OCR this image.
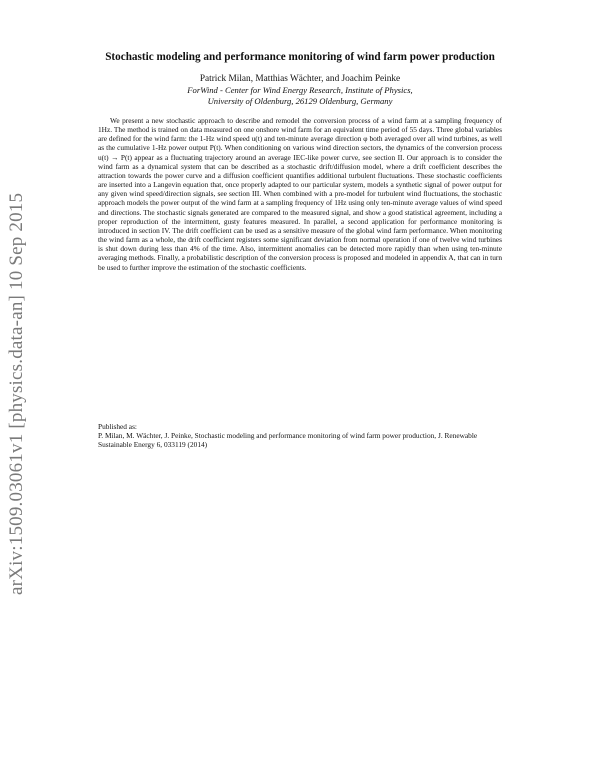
arXiv:1509.03061v1 [physics.data-an] 10 Sep 2015
Stochastic modeling and performance monitoring of wind farm power production
Patrick Milan, Matthias Wächter, and Joachim Peinke
ForWind - Center for Wind Energy Research, Institute of Physics,
University of Oldenburg, 26129 Oldenburg, Germany

We present a new stochastic approach to describe and remodel the conversion process of a wind farm at a sampling frequency of 1Hz. The method is trained on data measured on one onshore wind farm for an equivalent time period of 55 days. Three global variables are defined for the wind farm: the 1-Hz wind speed u(t) and ten-minute average direction φ both averaged over all wind turbines, as well as the cumulative 1-Hz power output P(t). When conditioning on various wind direction sectors, the dynamics of the conversion process u(t) → P(t) appear as a fluctuating trajectory around an average IEC-like power curve, see section II. Our approach is to consider the wind farm as a dynamical system that can be described as a stochastic drift/diffusion model, where a drift coefficient describes the attraction towards the power curve and a diffusion coefficient quantifies additional turbulent fluctuations. These stochastic coefficients are inserted into a Langevin equation that, once properly adapted to our particular system, models a synthetic signal of power output for any given wind speed/direction signals, see section III. When combined with a pre-model for turbulent wind fluctuations, the stochastic approach models the power output of the wind farm at a sampling frequency of 1Hz using only ten-minute average values of wind speed and directions. The stochastic signals generated are compared to the measured signal, and show a good statistical agreement, including a proper reproduction of the intermittent, gusty features measured. In parallel, a second application for performance monitoring is introduced in section IV. The drift coefficient can be used as a sensitive measure of the global wind farm performance. When monitoring the wind farm as a whole, the drift coefficient registers some significant deviation from normal operation if one of twelve wind turbines is shut down during less than 4% of the time. Also, intermittent anomalies can be detected more rapidly than when using ten-minute averaging methods. Finally, a probabilistic description of the conversion process is proposed and modeled in appendix A, that can in turn be used to further improve the estimation of the stochastic coefficients.

Published as:
P. Milan, M. Wächter, J. Peinke, Stochastic modeling and performance monitoring of wind farm power production, J. Renewable Sustainable Energy 6, 033119 (2014)
